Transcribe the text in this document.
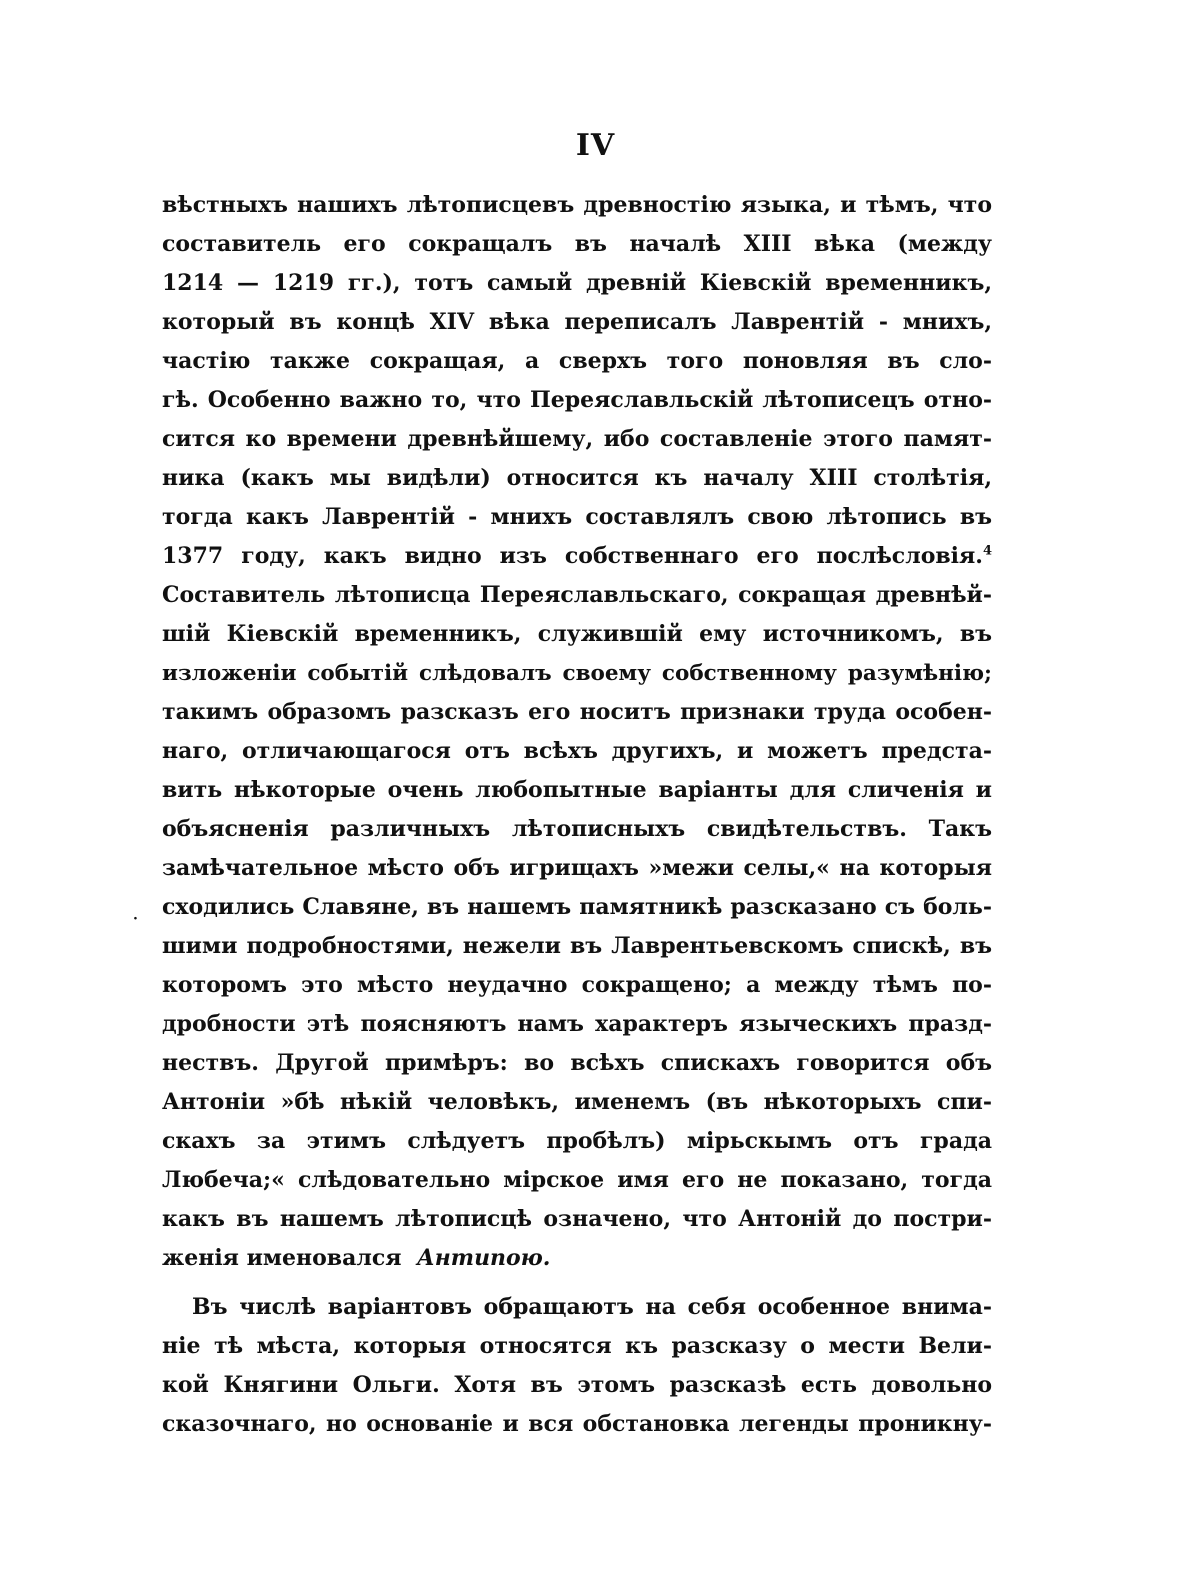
IV
·
вѣстныхъ нашихъ лѣтописцевъ древностію языка, и тѣмъ, что
составитель его сокращалъ въ началѣ XIII вѣка (между
1214 — 1219 гг.), тотъ самый древній Кіевскій временникъ,
который въ концѣ XIV вѣка переписалъ Лаврентій - мнихъ,
частію также сокращая, а сверхъ того поновляя въ сло-
гѣ. Особенно важно то, что Переяславльскій лѣтописецъ отно-
сится ко времени древнѣйшему, ибо составленіе этого памят-
ника (какъ мы видѣли) относится къ началу XIII столѣтія,
тогда какъ Лаврентій - мнихъ составлялъ свою лѣтопись въ
1377 году, какъ видно изъ собственнаго его послѣсловія.$^4$
Составитель лѣтописца Переяславльскаго, сокращая древнѣй-
шій Кіевскій временникъ, служившій ему источникомъ, въ
изложеніи событій слѣдовалъ своему собственному разумѣнію;
такимъ образомъ разсказъ его носитъ признаки труда особен-
наго, отличающагося отъ всѣхъ другихъ, и можетъ предста-
вить нѣкоторые очень любопытные варіанты для сличенія и
объясненія различныхъ лѣтописныхъ свидѣтельствъ. Такъ
замѣчательное мѣсто объ игрищахъ »межи селы,« на которыя
сходились Славяне, въ нашемъ памятникѣ разсказано съ боль-
шими подробностями, нежели въ Лаврентьевскомъ спискѣ, въ
которомъ это мѣсто неудачно сокращено; а между тѣмъ по-
дробности этѣ поясняютъ намъ характеръ языческихъ празд-
нествъ. Другой примѣръ: во всѣхъ спискахъ говорится объ
Антоніи »бѣ нѣкій человѣкъ, именемъ (въ нѣкоторыхъ спи-
скахъ за этимъ слѣдуетъ пробѣлъ) мірьскымъ отъ града
Любеча;« слѣдовательно мірское имя его не показано, тогда
какъ въ нашемъ лѣтописцѣ означено, что Антоній до постри-
женія именовался Антипою.
Въ числѣ варіантовъ обращаютъ на себя особенное внима-
ніе тѣ мѣста, которыя относятся къ разсказу о мести Вели-
кой Княгини Ольги. Хотя въ этомъ разсказѣ есть довольно
сказочнаго, но основаніе и вся обстановка легенды проникну-
